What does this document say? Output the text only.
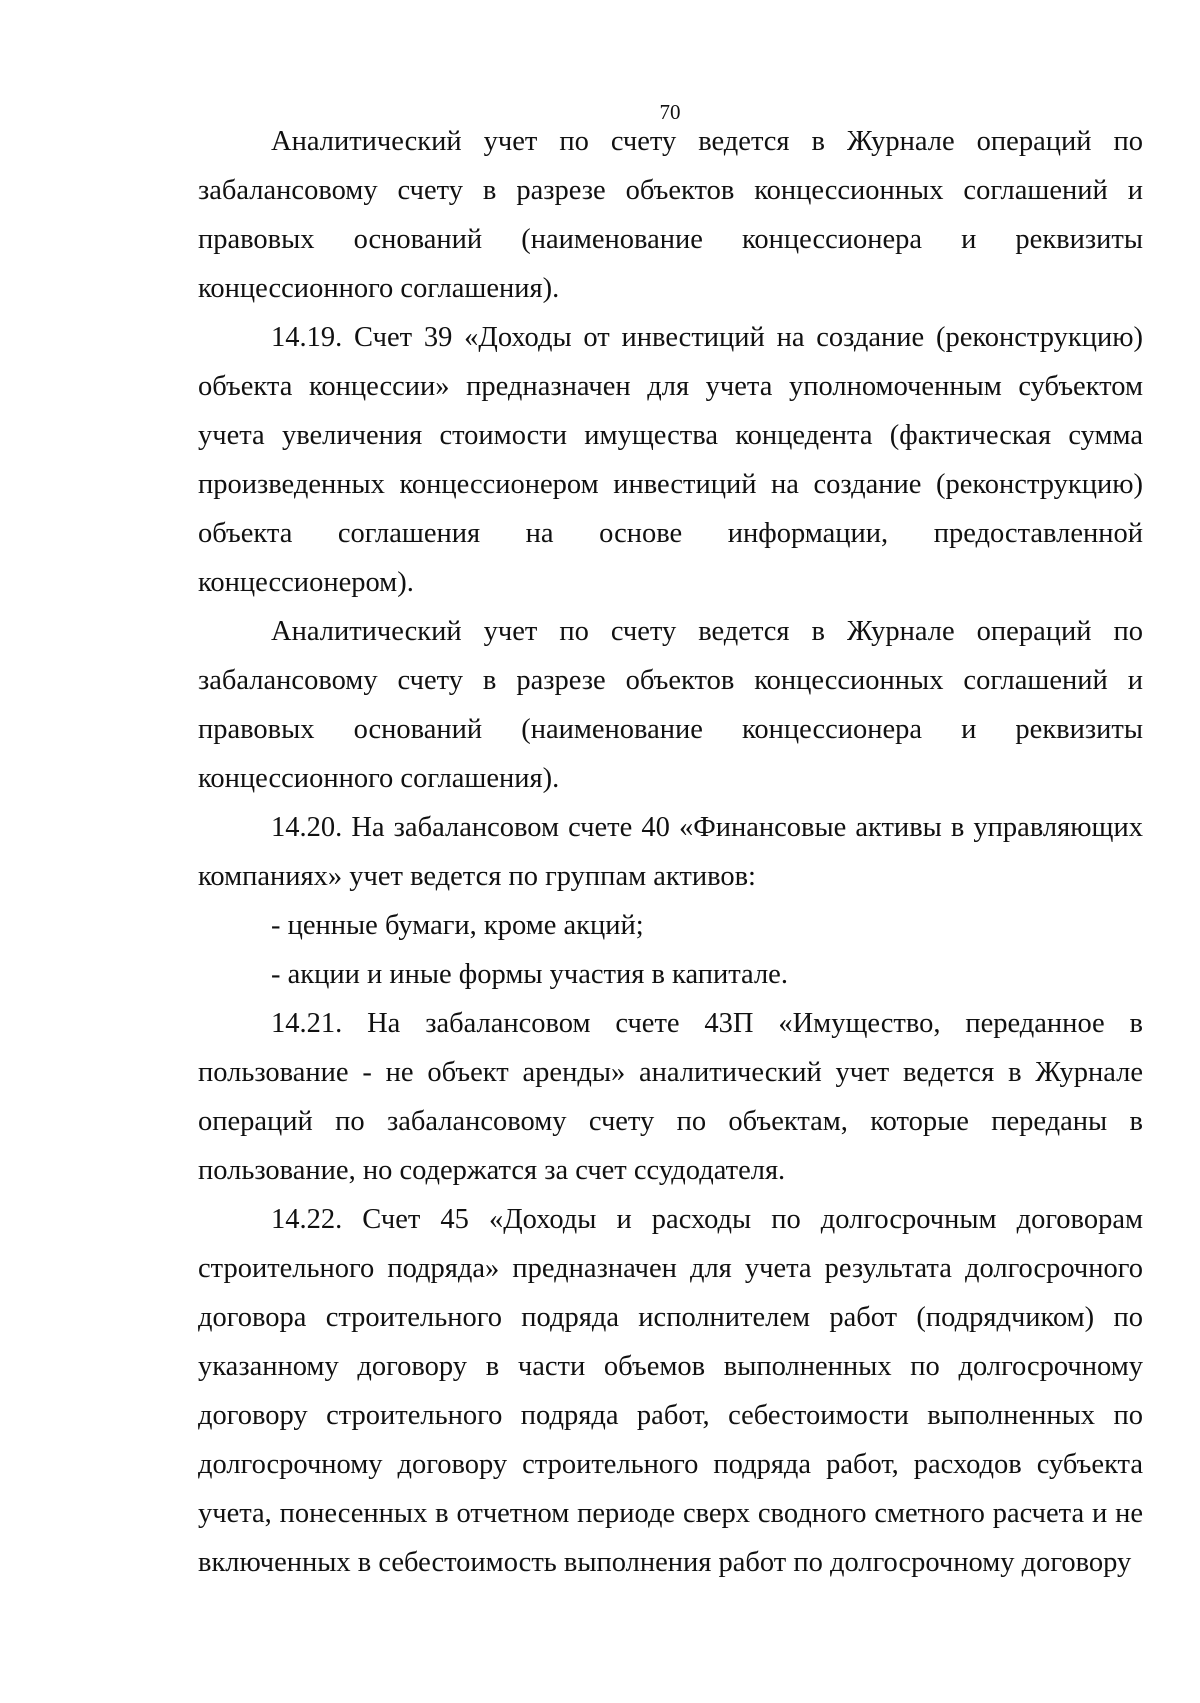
70

Аналитический учет по счету ведется в Журнале операций по забалансовому счету в разрезе объектов концессионных соглашений и правовых оснований (наименование концессионера и реквизиты концессионного соглашения).

14.19. Счет 39 «Доходы от инвестиций на создание (реконструкцию) объекта концессии» предназначен для учета уполномоченным субъектом учета увеличения стоимости имущества концедента (фактическая сумма произведенных концессионером инвестиций на создание (реконструкцию) объекта соглашения на основе информации, предоставленной концессионером).

Аналитический учет по счету ведется в Журнале операций по забалансовому счету в разрезе объектов концессионных соглашений и правовых оснований (наименование концессионера и реквизиты концессионного соглашения).

14.20. На забалансовом счете 40 «Финансовые активы в управляющих компаниях» учет ведется по группам активов:

- ценные бумаги, кроме акций;

- акции и иные формы участия в капитале.

14.21. На забалансовом счете 43П «Имущество, переданное в пользование - не объект аренды» аналитический учет ведется в Журнале операций по забалансовому счету по объектам, которые переданы в пользование, но содержатся за счет ссудодателя.

14.22. Счет 45 «Доходы и расходы по долгосрочным договорам строительного подряда» предназначен для учета результата долгосрочного договора строительного подряда исполнителем работ (подрядчиком) по указанному договору в части объемов выполненных по долгосрочному договору строительного подряда работ, себестоимости выполненных по долгосрочному договору строительного подряда работ, расходов субъекта учета, понесенных в отчетном периоде сверх сводного сметного расчета и не включенных в себестоимость выполнения работ по долгосрочному договору
